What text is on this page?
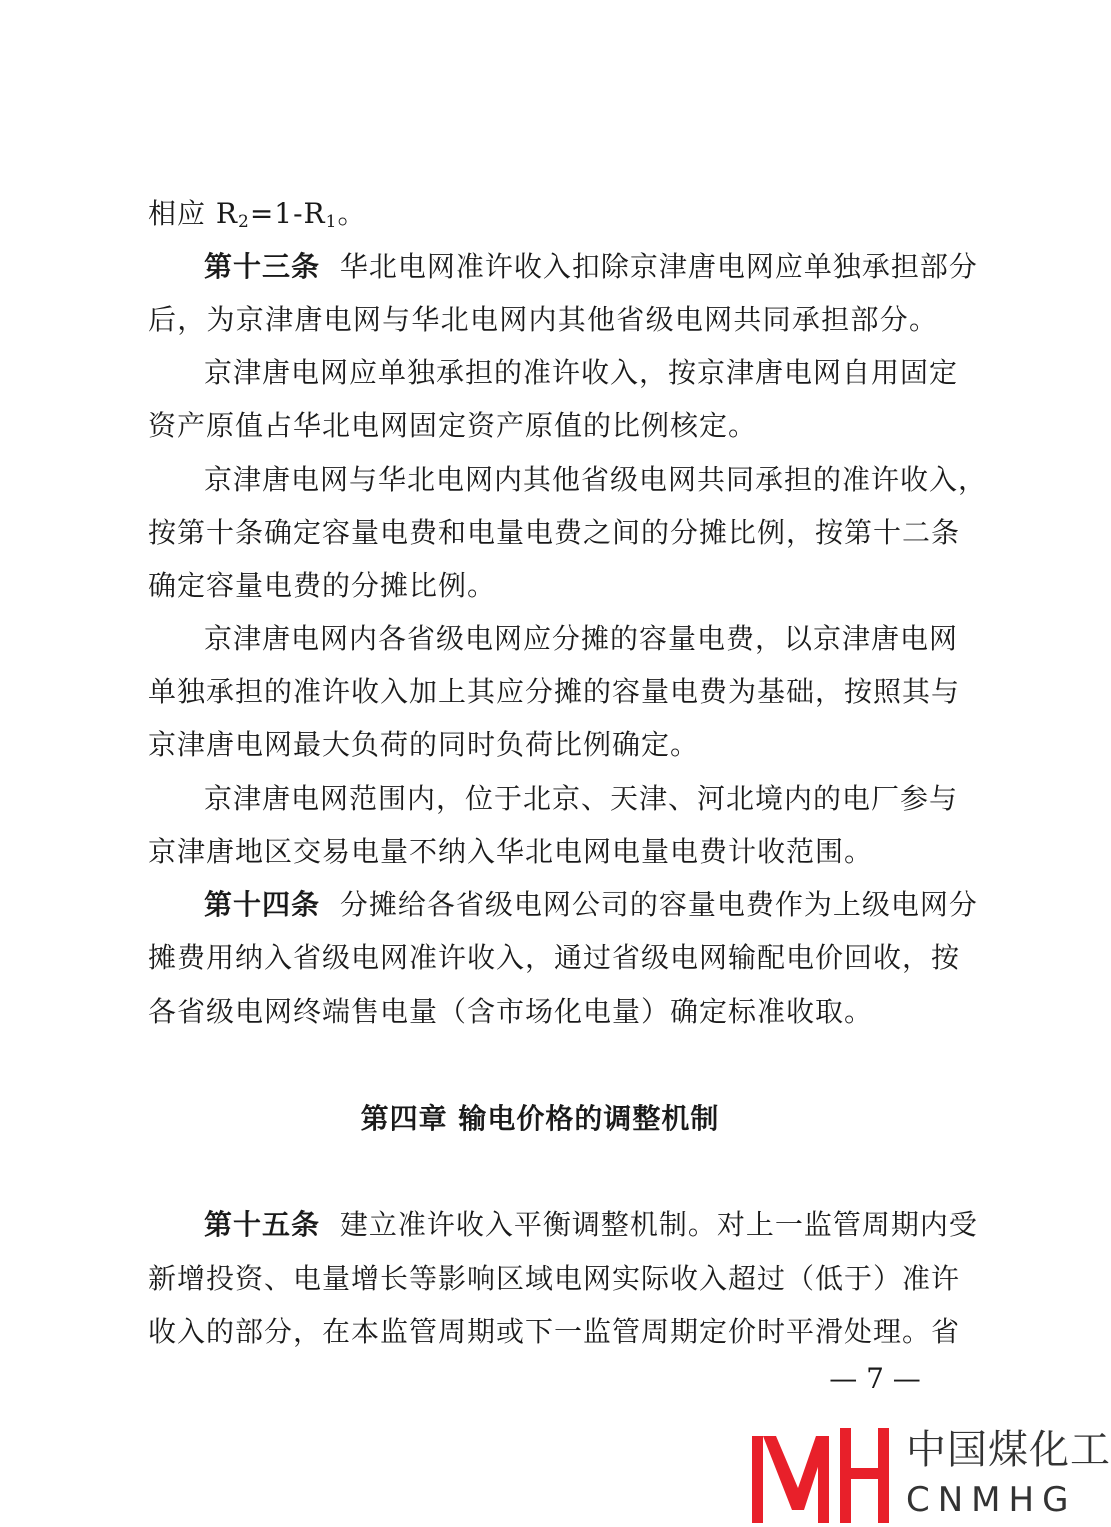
相应 $R_2=1-R_1$。
第十三条 华北电网准许收入扣除京津唐电网应单独承担部分
后，为京津唐电网与华北电网内其他省级电网共同承担部分。
京津唐电网应单独承担的准许收入，按京津唐电网自用固定
资产原值占华北电网固定资产原值的比例核定。
京津唐电网与华北电网内其他省级电网共同承担的准许收入，
按第十条确定容量电费和电量电费之间的分摊比例，按第十二条
确定容量电费的分摊比例。
京津唐电网内各省级电网应分摊的容量电费，以京津唐电网
单独承担的准许收入加上其应分摊的容量电费为基础，按照其与
京津唐电网最大负荷的同时负荷比例确定。
京津唐电网范围内，位于北京、天津、河北境内的电厂参与
京津唐地区交易电量不纳入华北电网电量电费计收范围。
第十四条 分摊给各省级电网公司的容量电费作为上级电网分
摊费用纳入省级电网准许收入，通过省级电网输配电价回收，按
各省级电网终端售电量（含市场化电量）确定标准收取。
第四章 输电价格的调整机制
第十五条 建立准许收入平衡调整机制。对上一监管周期内受
新增投资、电量增长等影响区域电网实际收入超过（低于）准许
收入的部分，在本监管周期或下一监管周期定价时平滑处理。省
— 7 —
中国煤化工
CNMHG
